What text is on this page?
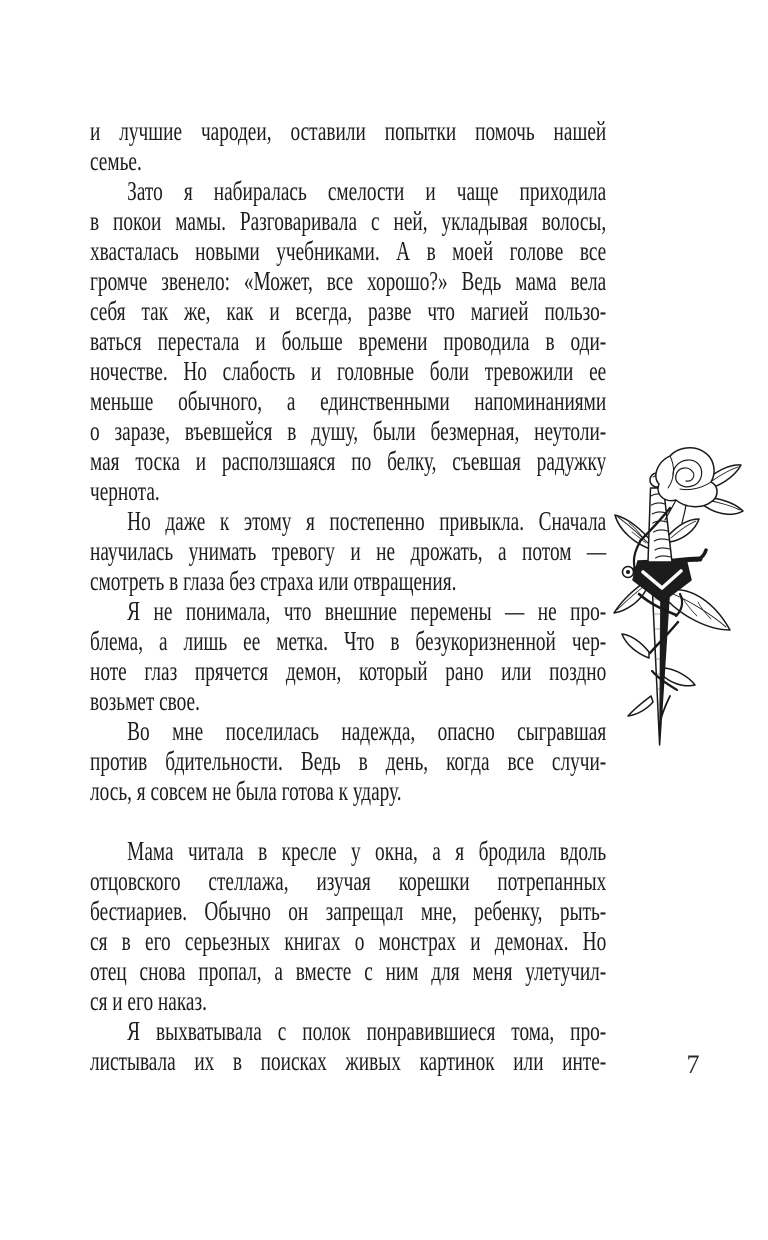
и лучшие чародеи, оставили попытки помочь нашей
семье.
Зато я набиралась смелости и чаще приходила
в покои мамы. Разговаривала с ней, укладывая волосы,
хвасталась новыми учебниками. А в моей голове все
громче звенело: «Может, все хорошо?» Ведь мама вела
себя так же, как и всегда, разве что магией пользо-
ваться перестала и больше времени проводила в оди-
ночестве. Но слабость и головные боли тревожили ее
меньше обычного, а единственными напоминаниями
о заразе, въевшейся в душу, были безмерная, неутоли-
мая тоска и расползшаяся по белку, съевшая радужку
чернота.
Но даже к этому я постепенно привыкла. Сначала
научилась унимать тревогу и не дрожать, а потом —
смотреть в глаза без страха или отвращения.
Я не понимала, что внешние перемены — не про-
блема, а лишь ее метка. Что в безукоризненной чер-
ноте глаз прячется демон, который рано или поздно
возьмет свое.
Во мне поселилась надежда, опасно сыгравшая
против бдительности. Ведь в день, когда все случи-
лось, я совсем не была готова к удару.
Мама читала в кресле у окна, а я бродила вдоль
отцовского стеллажа, изучая корешки потрепанных
бестиариев. Обычно он запрещал мне, ребенку, рыть-
ся в его серьезных книгах о монстрах и демонах. Но
отец снова пропал, а вместе с ним для меня улетучил-
ся и его наказ.
Я выхватывала с полок понравившиеся тома, про-
листывала их в поисках живых картинок или инте-	7
